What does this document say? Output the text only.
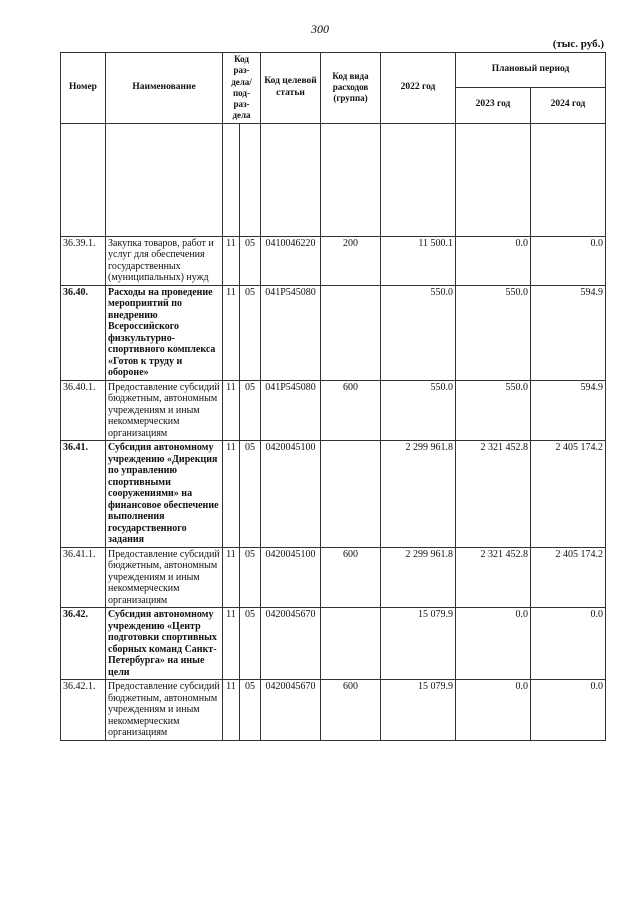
300
(тыс. руб.)
Номер	Наименование	Код раз-дела/ под-раз-дела		Код целевой статьи	Код вида расходов (группа)	2022 год	Плановый период	
							2023 год	2024 год

36.39.1.	Закупка товаров, работ и услуг для обеспечения государственных (муниципальных) нужд	11	05	0410046220	200	11 500.1	0.0	0.0
36.40.	Расходы на проведение мероприятий по внедрению Всероссийского физкультурно-спортивного комплекса «Готов к труду и обороне»	11	05	041P545080		550.0	550.0	594.9
36.40.1.	Предоставление субсидий бюджетным, автономным учреждениям и иным некоммерческим организациям	11	05	041P545080	600	550.0	550.0	594.9
36.41.	Субсидия автономному учреждению «Дирекция по управлению спортивными сооружениями» на финансовое обеспечение выполнения государственного задания	11	05	0420045100		2 299 961.8	2 321 452.8	2 405 174.2
36.41.1.	Предоставление субсидий бюджетным, автономным учреждениям и иным некоммерческим организациям	11	05	0420045100	600	2 299 961.8	2 321 452.8	2 405 174.2
36.42.	Субсидия автономному учреждению «Центр подготовки спортивных сборных команд Санкт-Петербурга» на иные цели	11	05	0420045670		15 079.9	0.0	0.0
36.42.1.	Предоставление субсидий бюджетным, автономным учреждениям и иным некоммерческим организациям	11	05	0420045670	600	15 079.9	0.0	0.0
